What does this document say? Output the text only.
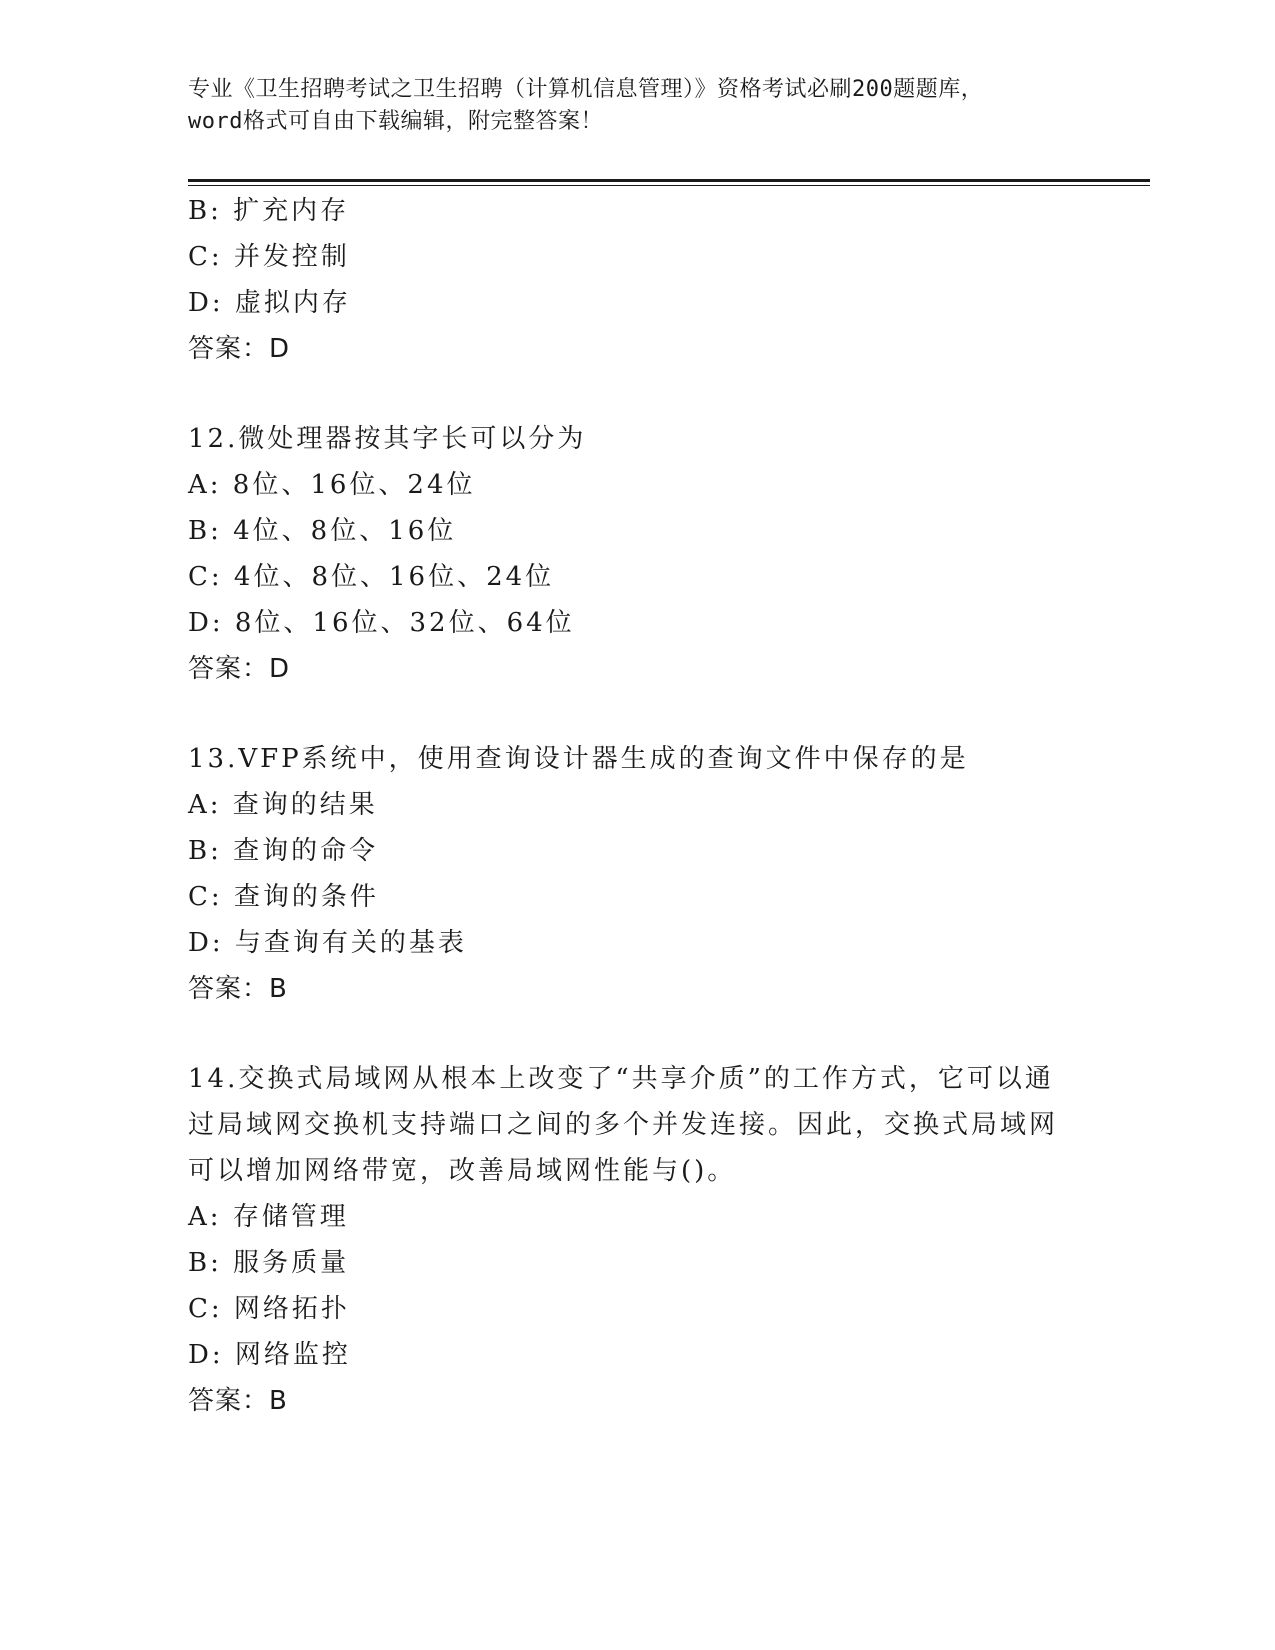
专业《卫生招聘考试之卫生招聘（计算机信息管理）》资格考试必刷200题题库，
word格式可自由下载编辑，附完整答案！
B: 扩充内存
C: 并发控制
D: 虚拟内存
答案：D
12.微处理器按其字长可以分为
A: 8位、16位、24位
B: 4位、8位、16位
C: 4位、8位、16位、24位
D: 8位、16位、32位、64位
答案：D
13.VFP系统中，使用查询设计器生成的查询文件中保存的是
A: 查询的结果
B: 查询的命令
C: 查询的条件
D: 与查询有关的基表
答案：B
14.交换式局域网从根本上改变了“共享介质”的工作方式，它可以通
过局域网交换机支持端口之间的多个并发连接。因此，交换式局域网
可以增加网络带宽，改善局域网性能与()。
A: 存储管理
B: 服务质量
C: 网络拓扑
D: 网络监控
答案：B
